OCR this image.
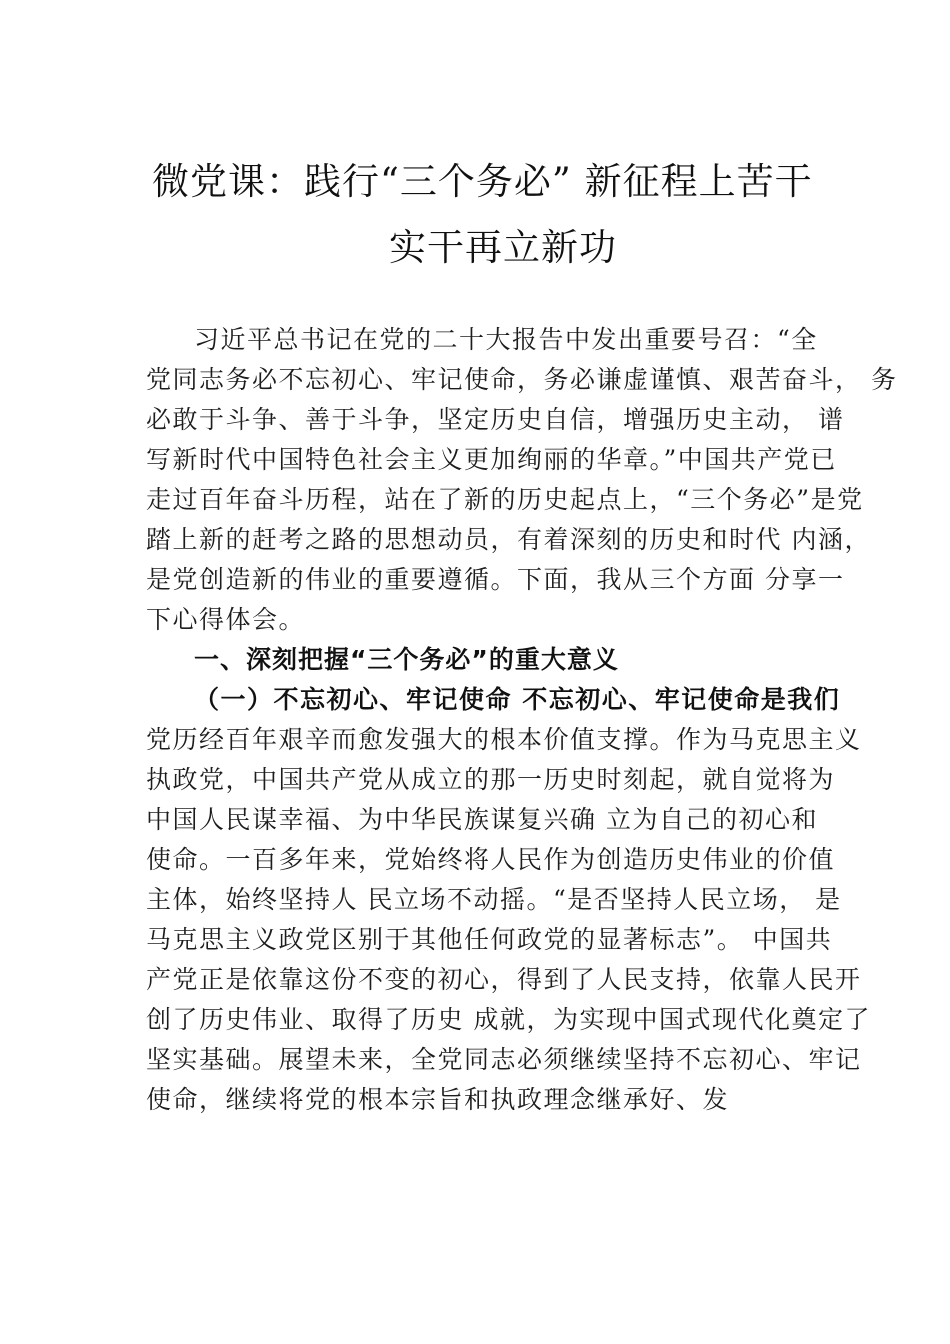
微党课：践行“三个务必” 新征程上苦干
实干再立新功
习近平总书记在党的二十大报告中发出重要号召：“全
党同志务必不忘初心、牢记使命，务必谦虚谨慎、艰苦奋斗， 务
必敢于斗争、善于斗争，坚定历史自信，增强历史主动， 谱
写新时代中国特色社会主义更加绚丽的华章。”中国共产党已
走过百年奋斗历程，站在了新的历史起点上，“三个务必”是党
踏上新的赶考之路的思想动员，有着深刻的历史和时代 内涵，
是党创造新的伟业的重要遵循。下面，我从三个方面 分享一
下心得体会。
一、深刻把握“三个务必”的重大意义
（一）不忘初心、牢记使命 不忘初心、牢记使命是我们
党历经百年艰辛而愈发强大的根本价值支撑。作为马克思主义
执政党，中国共产党从成立的那一历史时刻起，就自觉将为
中国人民谋幸福、为中华民族谋复兴确 立为自己的初心和
使命。一百多年来，党始终将人民作为创造历史伟业的价值
主体，始终坚持人 民立场不动摇。“是否坚持人民立场， 是
马克思主义政党区别于其他任何政党的显著标志”。 中国共
产党正是依靠这份不变的初心，得到了人民支持，依靠人民开
创了历史伟业、取得了历史 成就，为实现中国式现代化奠定了
坚实基础。展望未来，全党同志必须继续坚持不忘初心、牢记
使命，继续将党的根本宗旨和执政理念继承好、发
